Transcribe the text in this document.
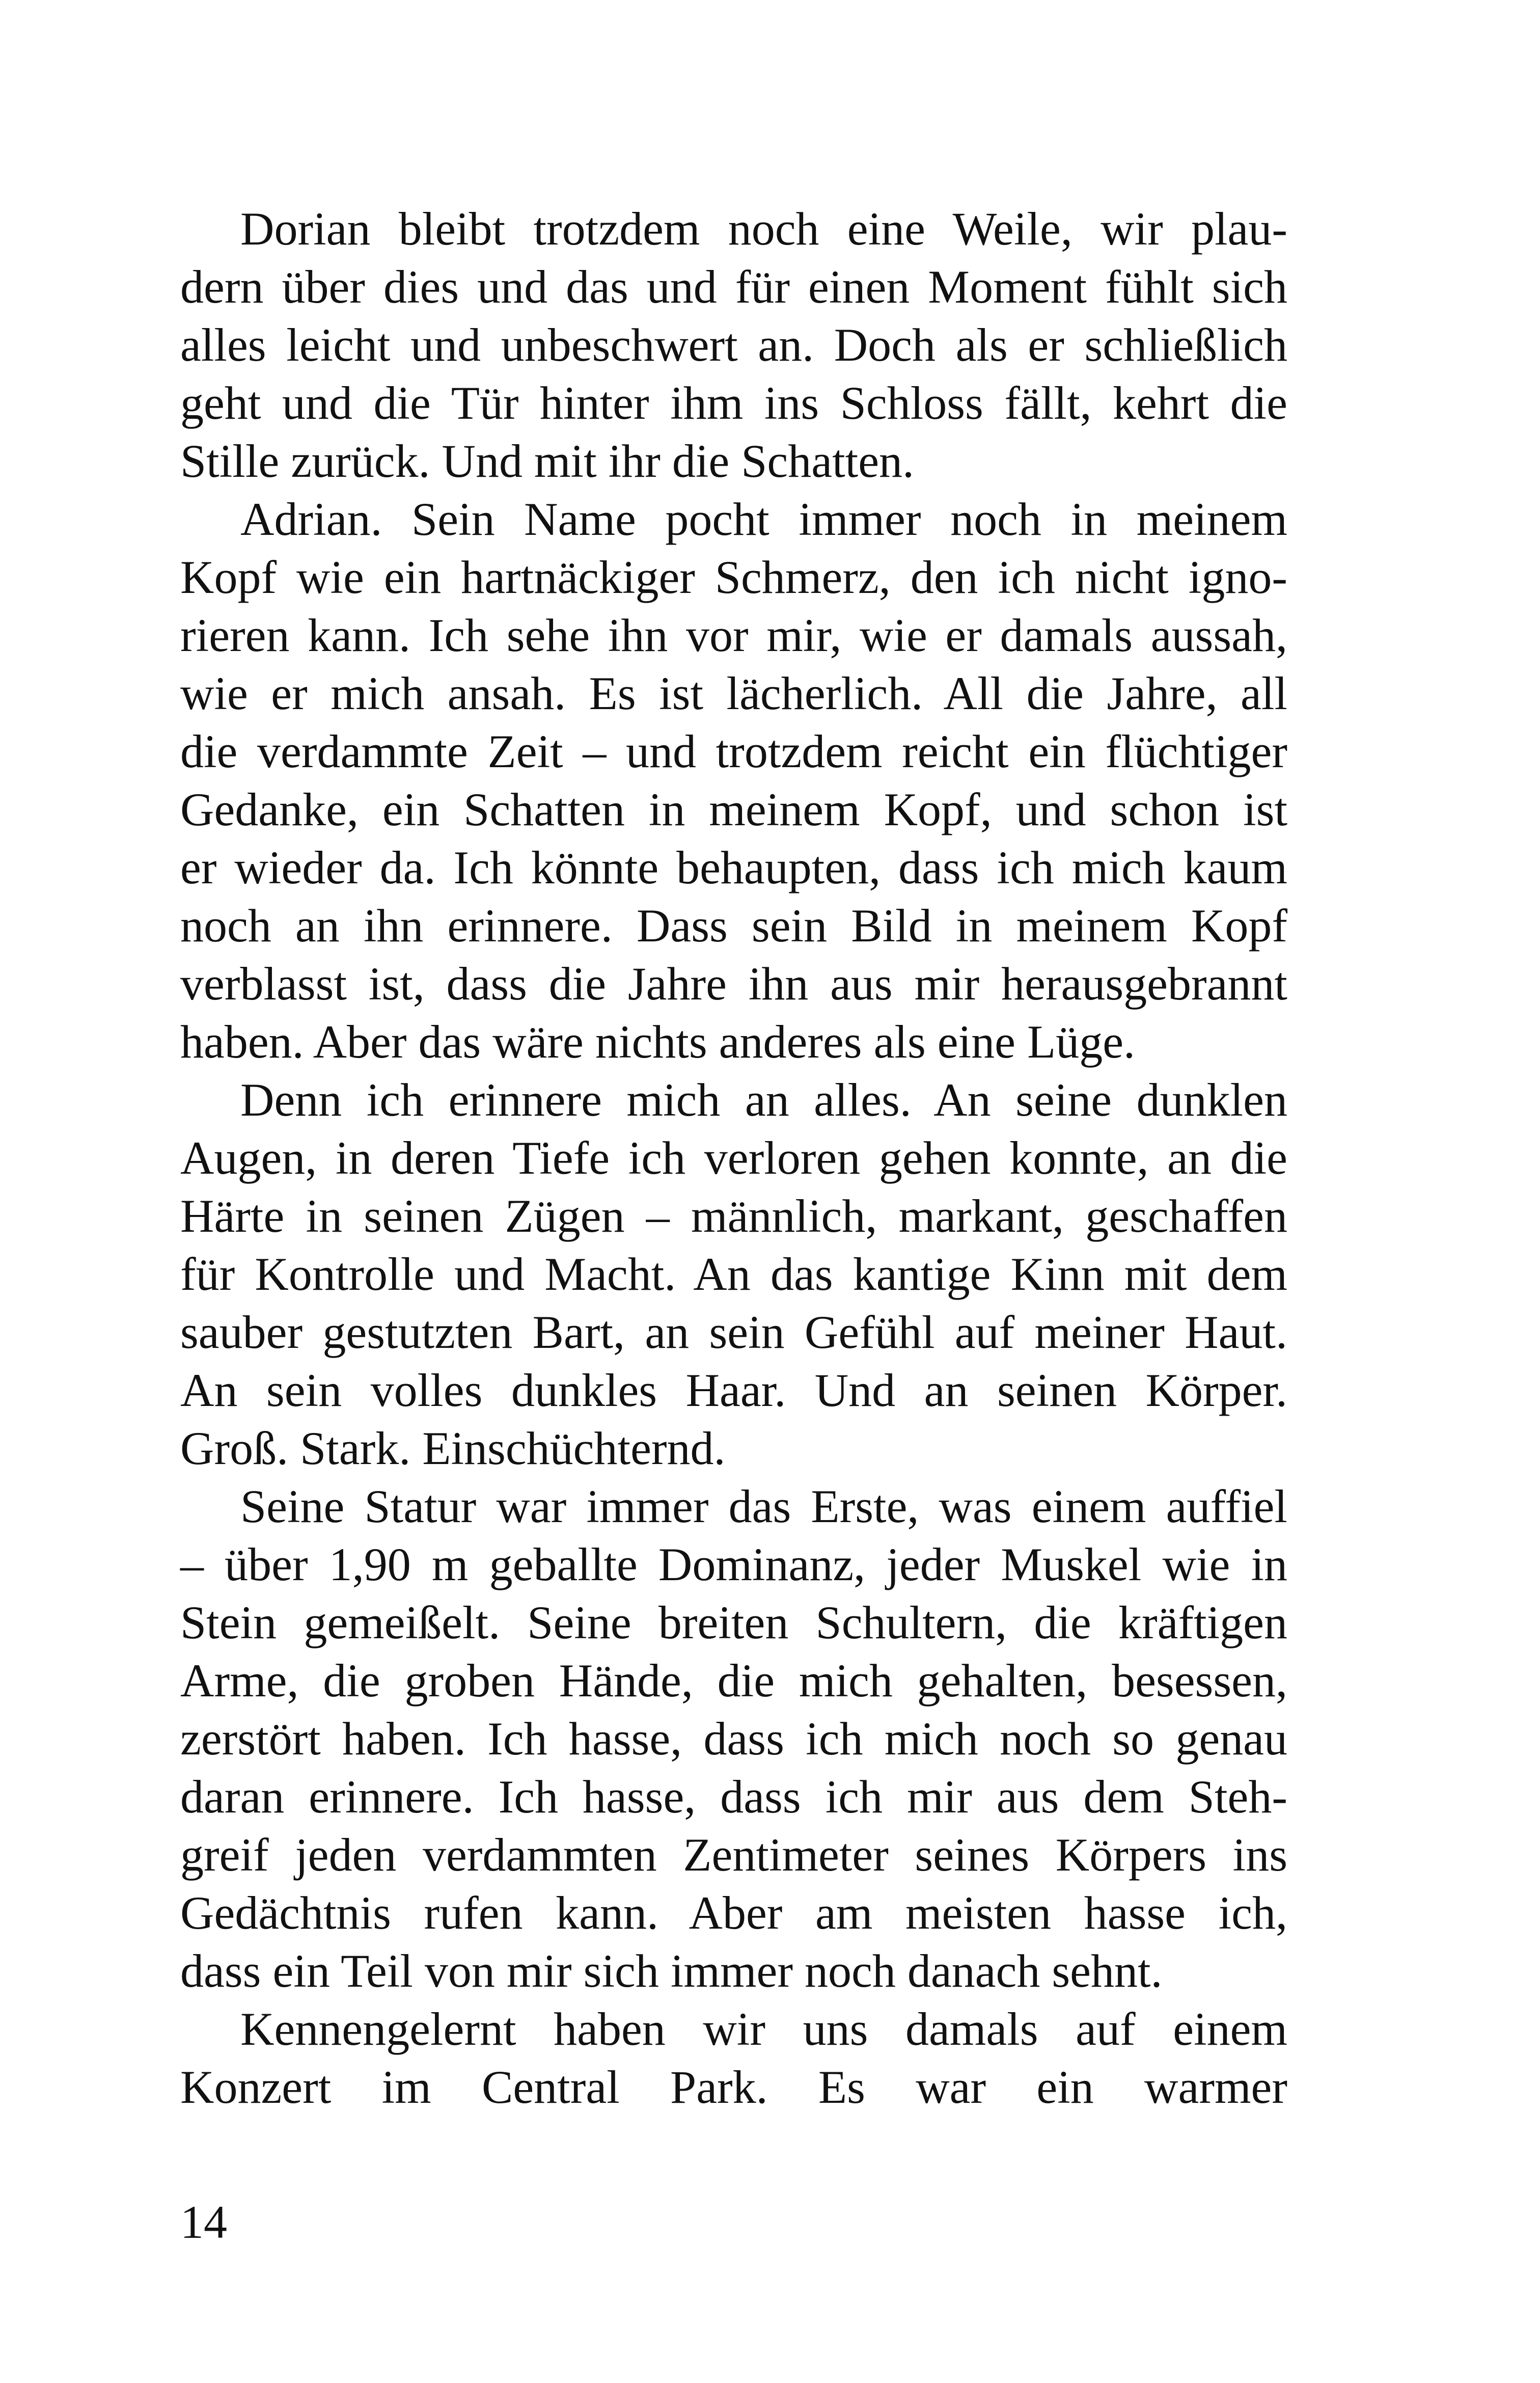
Dorian bleibt trotzdem noch eine Weile, wir plau-
dern über dies und das und für einen Moment fühlt sich
alles leicht und unbeschwert an. Doch als er schließlich
geht und die Tür hinter ihm ins Schloss fällt, kehrt die
Stille zurück. Und mit ihr die Schatten.
Adrian. Sein Name pocht immer noch in meinem
Kopf wie ein hartnäckiger Schmerz, den ich nicht igno-
rieren kann. Ich sehe ihn vor mir, wie er damals aussah,
wie er mich ansah. Es ist lächerlich. All die Jahre, all
die verdammte Zeit – und trotzdem reicht ein flüchtiger
Gedanke, ein Schatten in meinem Kopf, und schon ist
er wieder da. Ich könnte behaupten, dass ich mich kaum
noch an ihn erinnere. Dass sein Bild in meinem Kopf
verblasst ist, dass die Jahre ihn aus mir herausgebrannt
haben. Aber das wäre nichts anderes als eine Lüge.
Denn ich erinnere mich an alles. An seine dunklen
Augen, in deren Tiefe ich verloren gehen konnte, an die
Härte in seinen Zügen – männlich, markant, geschaffen
für Kontrolle und Macht. An das kantige Kinn mit dem
sauber gestutzten Bart, an sein Gefühl auf meiner Haut.
An sein volles dunkles Haar. Und an seinen Körper.
Groß. Stark. Einschüchternd.
Seine Statur war immer das Erste, was einem auffiel
– über 1,90 m geballte Dominanz, jeder Muskel wie in
Stein gemeißelt. Seine breiten Schultern, die kräftigen
Arme, die groben Hände, die mich gehalten, besessen,
zerstört haben. Ich hasse, dass ich mich noch so genau
daran erinnere. Ich hasse, dass ich mir aus dem Steh-
greif jeden verdammten Zentimeter seines Körpers ins
Gedächtnis rufen kann. Aber am meisten hasse ich,
dass ein Teil von mir sich immer noch danach sehnt.
Kennengelernt haben wir uns damals auf einem
Konzert im Central Park. Es war ein warmer
14
